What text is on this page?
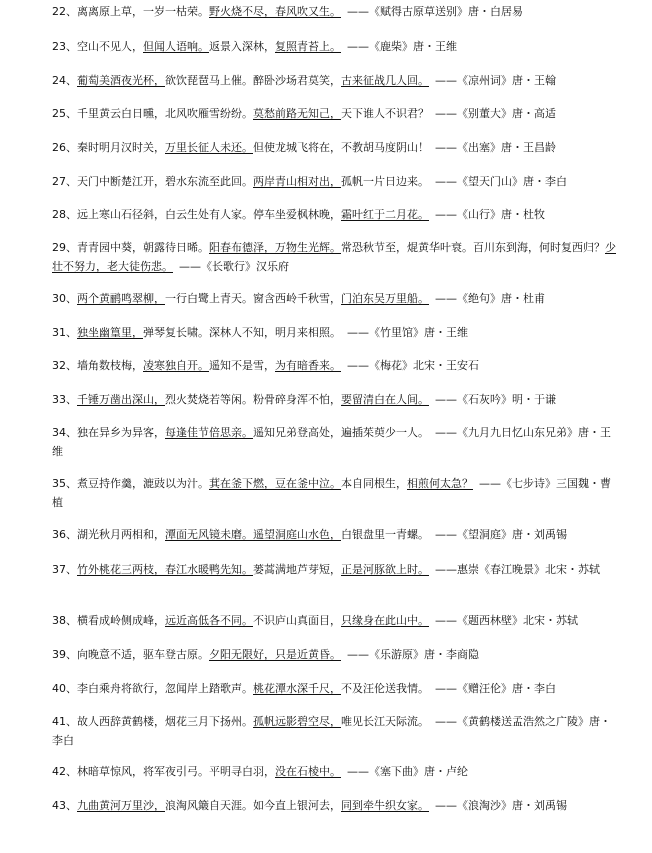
22、离离原上草，一岁一枯荣。野火烧不尽，春风吹又生。 ——《赋得古原草送别》唐・白居易
23、空山不见人，但闻人语响。返景入深林，复照青苔上。 ——《鹿柴》唐・王维
24、葡萄美酒夜光杯，欲饮琵琶马上催。醉卧沙场君莫笑，古来征战几人回。 ——《凉州词》唐・王翰
25、千里黄云白日曛，北风吹雁雪纷纷。莫愁前路无知己，天下谁人不识君？ ——《别董大》唐・高适
26、秦时明月汉时关，万里长征人未还。但使龙城飞将在，不教胡马度阴山！ ——《出塞》唐・王昌龄
27、天门中断楚江开，碧水东流至此回。两岸青山相对出，孤帆一片日边来。 ——《望天门山》唐・李白
28、远上寒山石径斜，白云生处有人家。停车坐爱枫林晚，霜叶红于二月花。 ——《山行》唐・杜牧
29、青青园中葵，朝露待日晞。阳春布德泽，万物生光辉。常恐秋节至，焜黄华叶衰。百川东到海，何时复西归？少壮不努力，老大徒伤悲。 ——《长歌行》汉乐府
30、两个黄鹂鸣翠柳，一行白鹭上青天。窗含西岭千秋雪，门泊东吴万里船。 ——《绝句》唐・杜甫
31、独坐幽篁里，弹琴复长啸。深林人不知，明月来相照。 ——《竹里馆》唐・王维
32、墙角数枝梅，凌寒独自开。遥知不是雪，为有暗香来。 ——《梅花》北宋・王安石
33、千锤万凿出深山，烈火焚烧若等闲。粉骨碎身浑不怕，要留清白在人间。 ——《石灰吟》明・于谦
34、独在异乡为异客，每逢佳节倍思亲。遥知兄弟登高处，遍插茱萸少一人。 ——《九月九日忆山东兄弟》唐・王维
35、煮豆持作羹，漉豉以为汁。萁在釜下燃，豆在釜中泣。本自同根生，相煎何太急？ ——《七步诗》三国魏・曹植
36、湖光秋月两相和，潭面无风镜未磨。遥望洞庭山水色，白银盘里一青螺。 ——《望洞庭》唐・刘禹锡
37、竹外桃花三两枝，春江水暖鸭先知。蒌蒿满地芦芽短，正是河豚欲上时。 ——惠崇《春江晚景》北宋・苏轼
38、横看成岭侧成峰，远近高低各不同。不识庐山真面目，只缘身在此山中。 ——《题西林壁》北宋・苏轼
39、向晚意不适，驱车登古原。夕阳无限好，只是近黄昏。 ——《乐游原》唐・李商隐
40、李白乘舟将欲行，忽闻岸上踏歌声。桃花潭水深千尺，不及汪伦送我情。 ——《赠汪伦》唐・李白
41、故人西辞黄鹤楼，烟花三月下扬州。孤帆远影碧空尽，唯见长江天际流。 ——《黄鹤楼送孟浩然之广陵》唐・李白
42、林暗草惊风，将军夜引弓。平明寻白羽，没在石棱中。 ——《塞下曲》唐・卢纶
43、九曲黄河万里沙，浪淘风簸自天涯。如今直上银河去，同到牵牛织女家。 ——《浪淘沙》唐・刘禹锡
